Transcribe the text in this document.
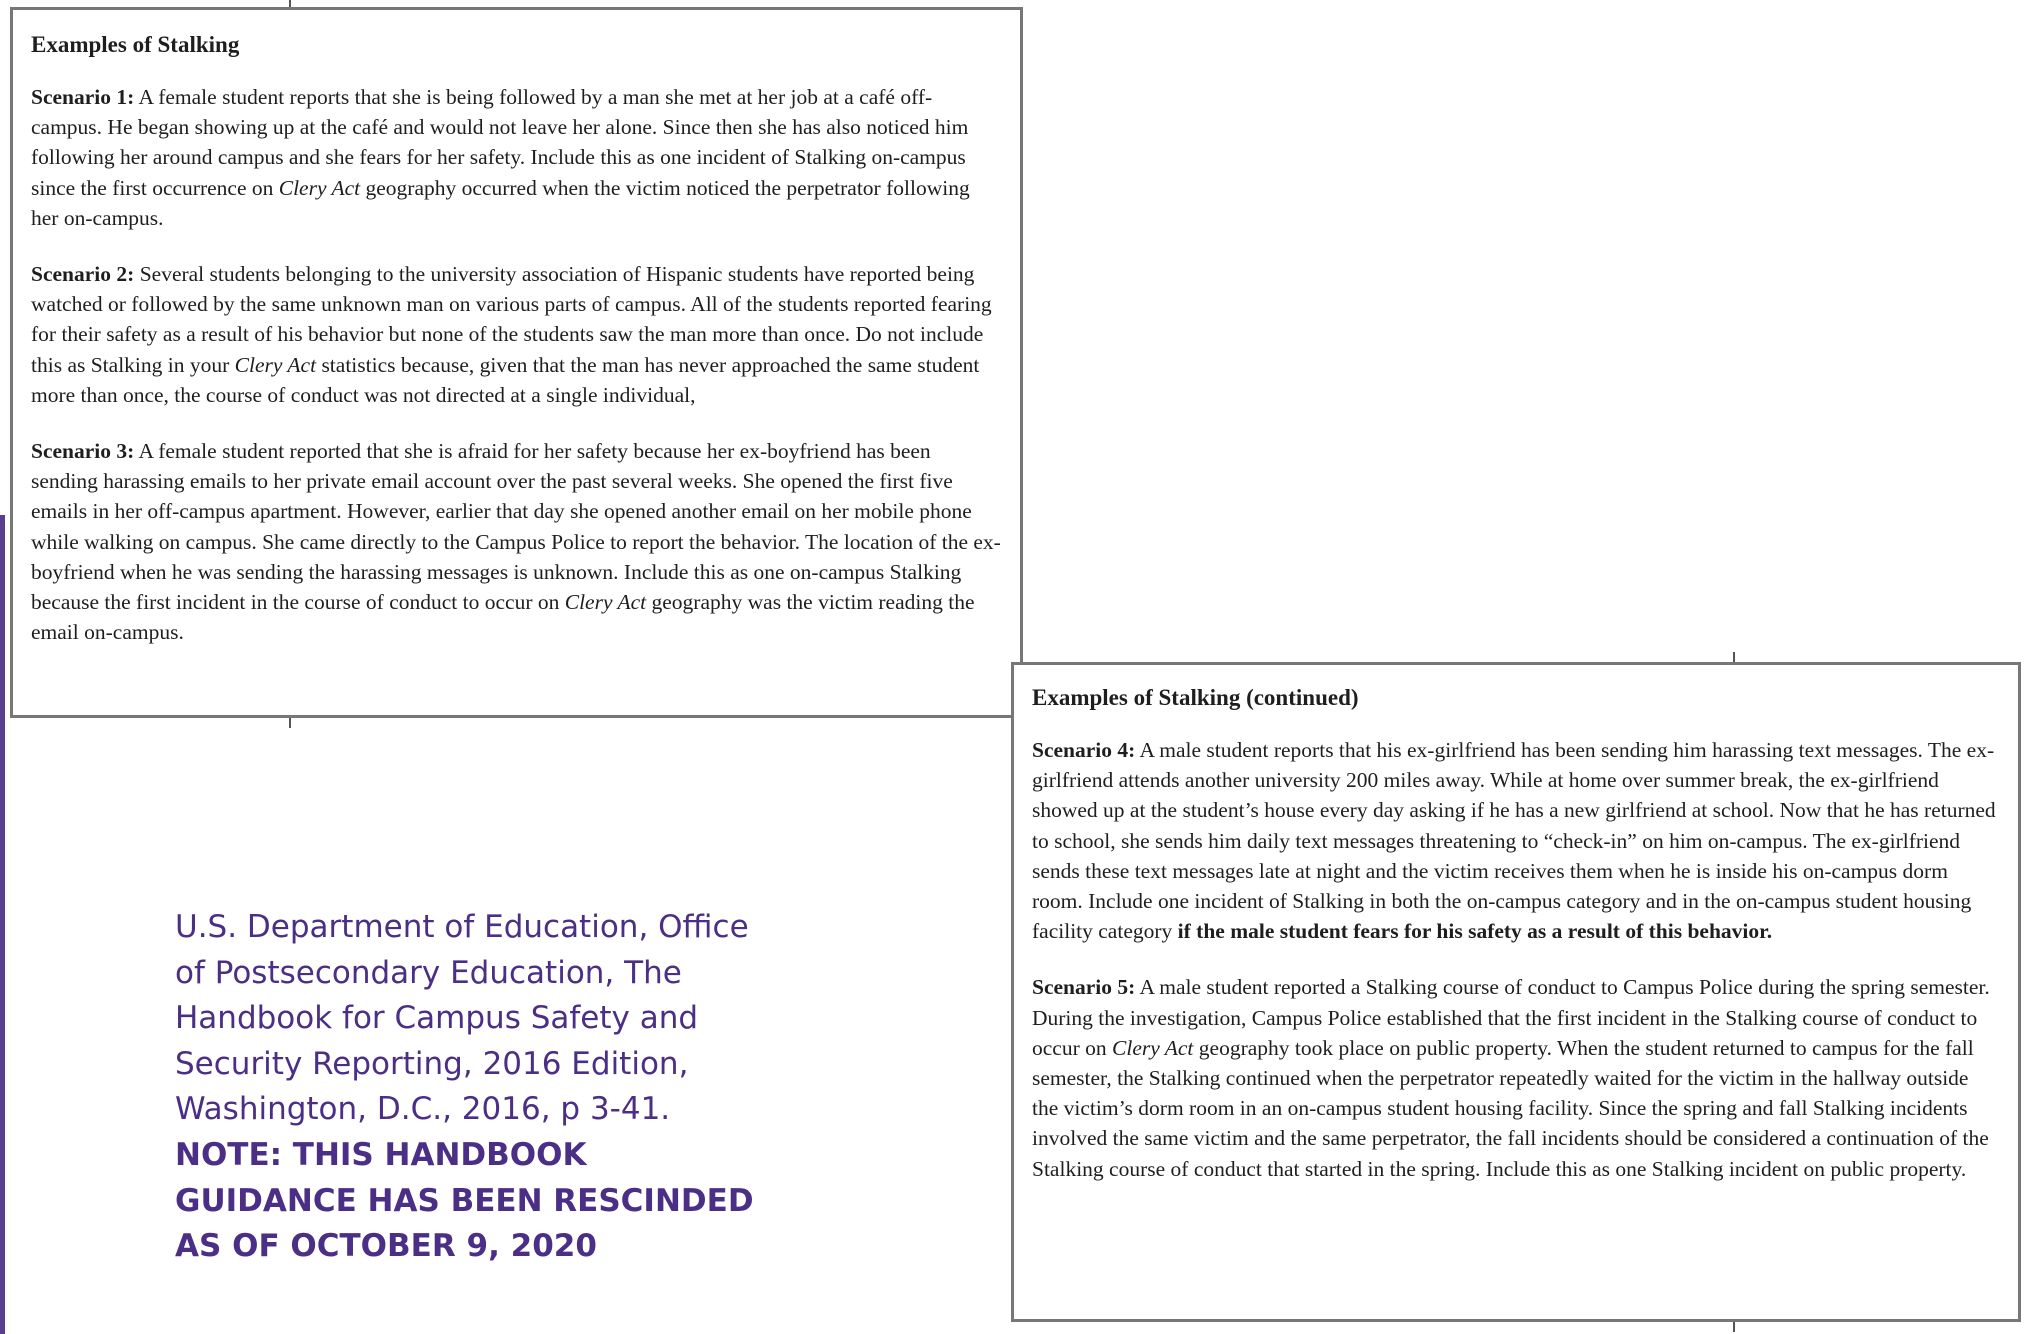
Examples of Stalking

Scenario 1: A female student reports that she is being followed by a man she met at her job at a café off-campus. He began showing up at the café and would not leave her alone. Since then she has also noticed him following her around campus and she fears for her safety. Include this as one incident of Stalking on-campus since the first occurrence on Clery Act geography occurred when the victim noticed the perpetrator following her on-campus.

Scenario 2: Several students belonging to the university association of Hispanic students have reported being watched or followed by the same unknown man on various parts of campus. All of the students reported fearing for their safety as a result of his behavior but none of the students saw the man more than once. Do not include this as Stalking in your Clery Act statistics because, given that the man has never approached the same student more than once, the course of conduct was not directed at a single individual,

Scenario 3: A female student reported that she is afraid for her safety because her ex-boyfriend has been sending harassing emails to her private email account over the past several weeks. She opened the first five emails in her off-campus apartment. However, earlier that day she opened another email on her mobile phone while walking on campus. She came directly to the Campus Police to report the behavior. The location of the ex-boyfriend when he was sending the harassing messages is unknown. Include this as one on-campus Stalking because the first incident in the course of conduct to occur on Clery Act geography was the victim reading the email on-campus.

Examples of Stalking (continued)

Scenario 4: A male student reports that his ex-girlfriend has been sending him harassing text messages. The ex-girlfriend attends another university 200 miles away. While at home over summer break, the ex-girlfriend showed up at the student’s house every day asking if he has a new girlfriend at school. Now that he has returned to school, she sends him daily text messages threatening to “check-in” on him on-campus. The ex-girlfriend sends these text messages late at night and the victim receives them when he is inside his on-campus dorm room. Include one incident of Stalking in both the on-campus category and in the on-campus student housing facility category if the male student fears for his safety as a result of this behavior.

Scenario 5: A male student reported a Stalking course of conduct to Campus Police during the spring semester. During the investigation, Campus Police established that the first incident in the Stalking course of conduct to occur on Clery Act geography took place on public property. When the student returned to campus for the fall semester, the Stalking continued when the perpetrator repeatedly waited for the victim in the hallway outside the victim’s dorm room in an on-campus student housing facility. Since the spring and fall Stalking incidents involved the same victim and the same perpetrator, the fall incidents should be considered a continuation of the Stalking course of conduct that started in the spring. Include this as one Stalking incident on public property.

U.S. Department of Education, Office of Postsecondary Education, The Handbook for Campus Safety and Security Reporting, 2016 Edition, Washington, D.C., 2016, p 3-41.
NOTE: THIS HANDBOOK GUIDANCE HAS BEEN RESCINDED AS OF OCTOBER 9, 2020
